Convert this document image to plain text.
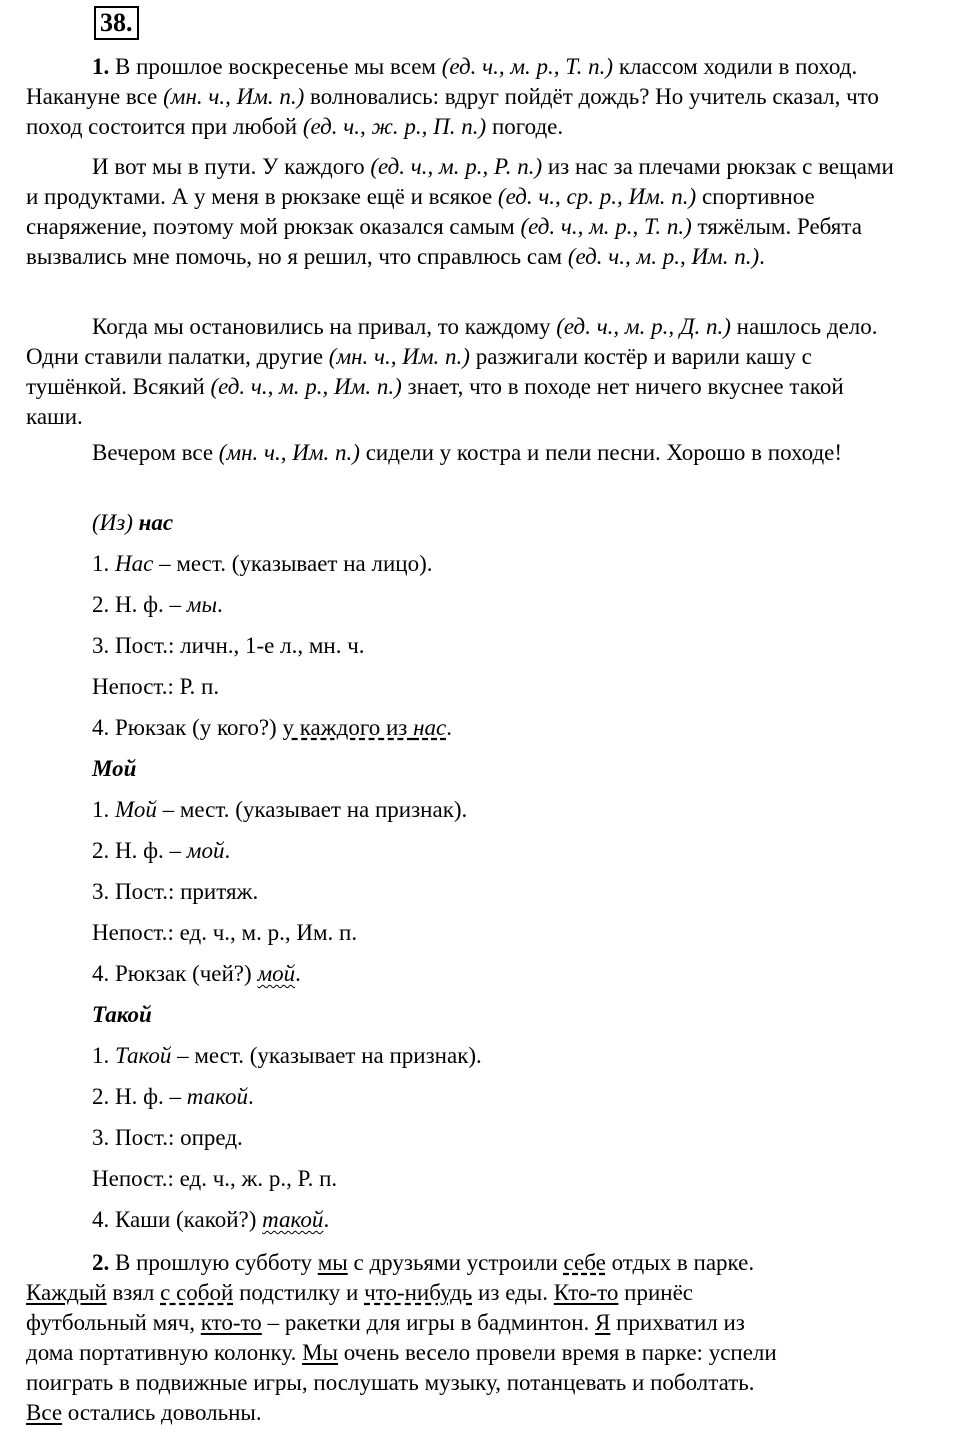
38.

1. В прошлое воскресенье мы всем (ед. ч., м. р., Т. п.) классом ходили в поход. Накануне все (мн. ч., Им. п.) волновались: вдруг пойдёт дождь? Но учитель сказал, что поход состоится при любой (ед. ч., ж. р., П. п.) погоде.

И вот мы в пути. У каждого (ед. ч., м. р., Р. п.) из нас за плечами рюкзак с вещами и продуктами. А у меня в рюкзаке ещё и всякое (ед. ч., ср. р., Им. п.) спортивное снаряжение, поэтому мой рюкзак оказался самым (ед. ч., м. р., Т. п.) тяжёлым. Ребята вызвались мне помочь, но я решил, что справлюсь сам (ед. ч., м. р., Им. п.).

Когда мы остановились на привал, то каждому (ед. ч., м. р., Д. п.) нашлось дело. Одни ставили палатки, другие (мн. ч., Им. п.) разжигали костёр и варили кашу с тушёнкой. Всякий (ед. ч., м. р., Им. п.) знает, что в походе нет ничего вкуснее такой каши.

Вечером все (мн. ч., Им. п.) сидели у костра и пели песни. Хорошо в походе!

(Из) нас
1. Нас – мест. (указывает на лицо).
2. Н. ф. – мы.
3. Пост.: личн., 1-е л., мн. ч.
Непост.: Р. п.
4. Рюкзак (у кого?) у каждого из нас.
Мой
1. Мой – мест. (указывает на признак).
2. Н. ф. – мой.
3. Пост.: притяж.
Непост.: ед. ч., м. р., Им. п.
4. Рюкзак (чей?) мой.
Такой
1. Такой – мест. (указывает на признак).
2. Н. ф. – такой.
3. Пост.: опред.
Непост.: ед. ч., ж. р., Р. п.
4. Каши (какой?) такой.
2. В прошлую субботу мы с друзьями устроили себе отдых в парке.
Каждый взял с собой подстилку и что-нибудь из еды. Кто-то принёс
футбольный мяч, кто-то – ракетки для игры в бадминтон. Я прихватил из
дома портативную колонку. Мы очень весело провели время в парке: успели
поиграть в подвижные игры, послушать музыку, потанцевать и поболтать.
Все остались довольны.
